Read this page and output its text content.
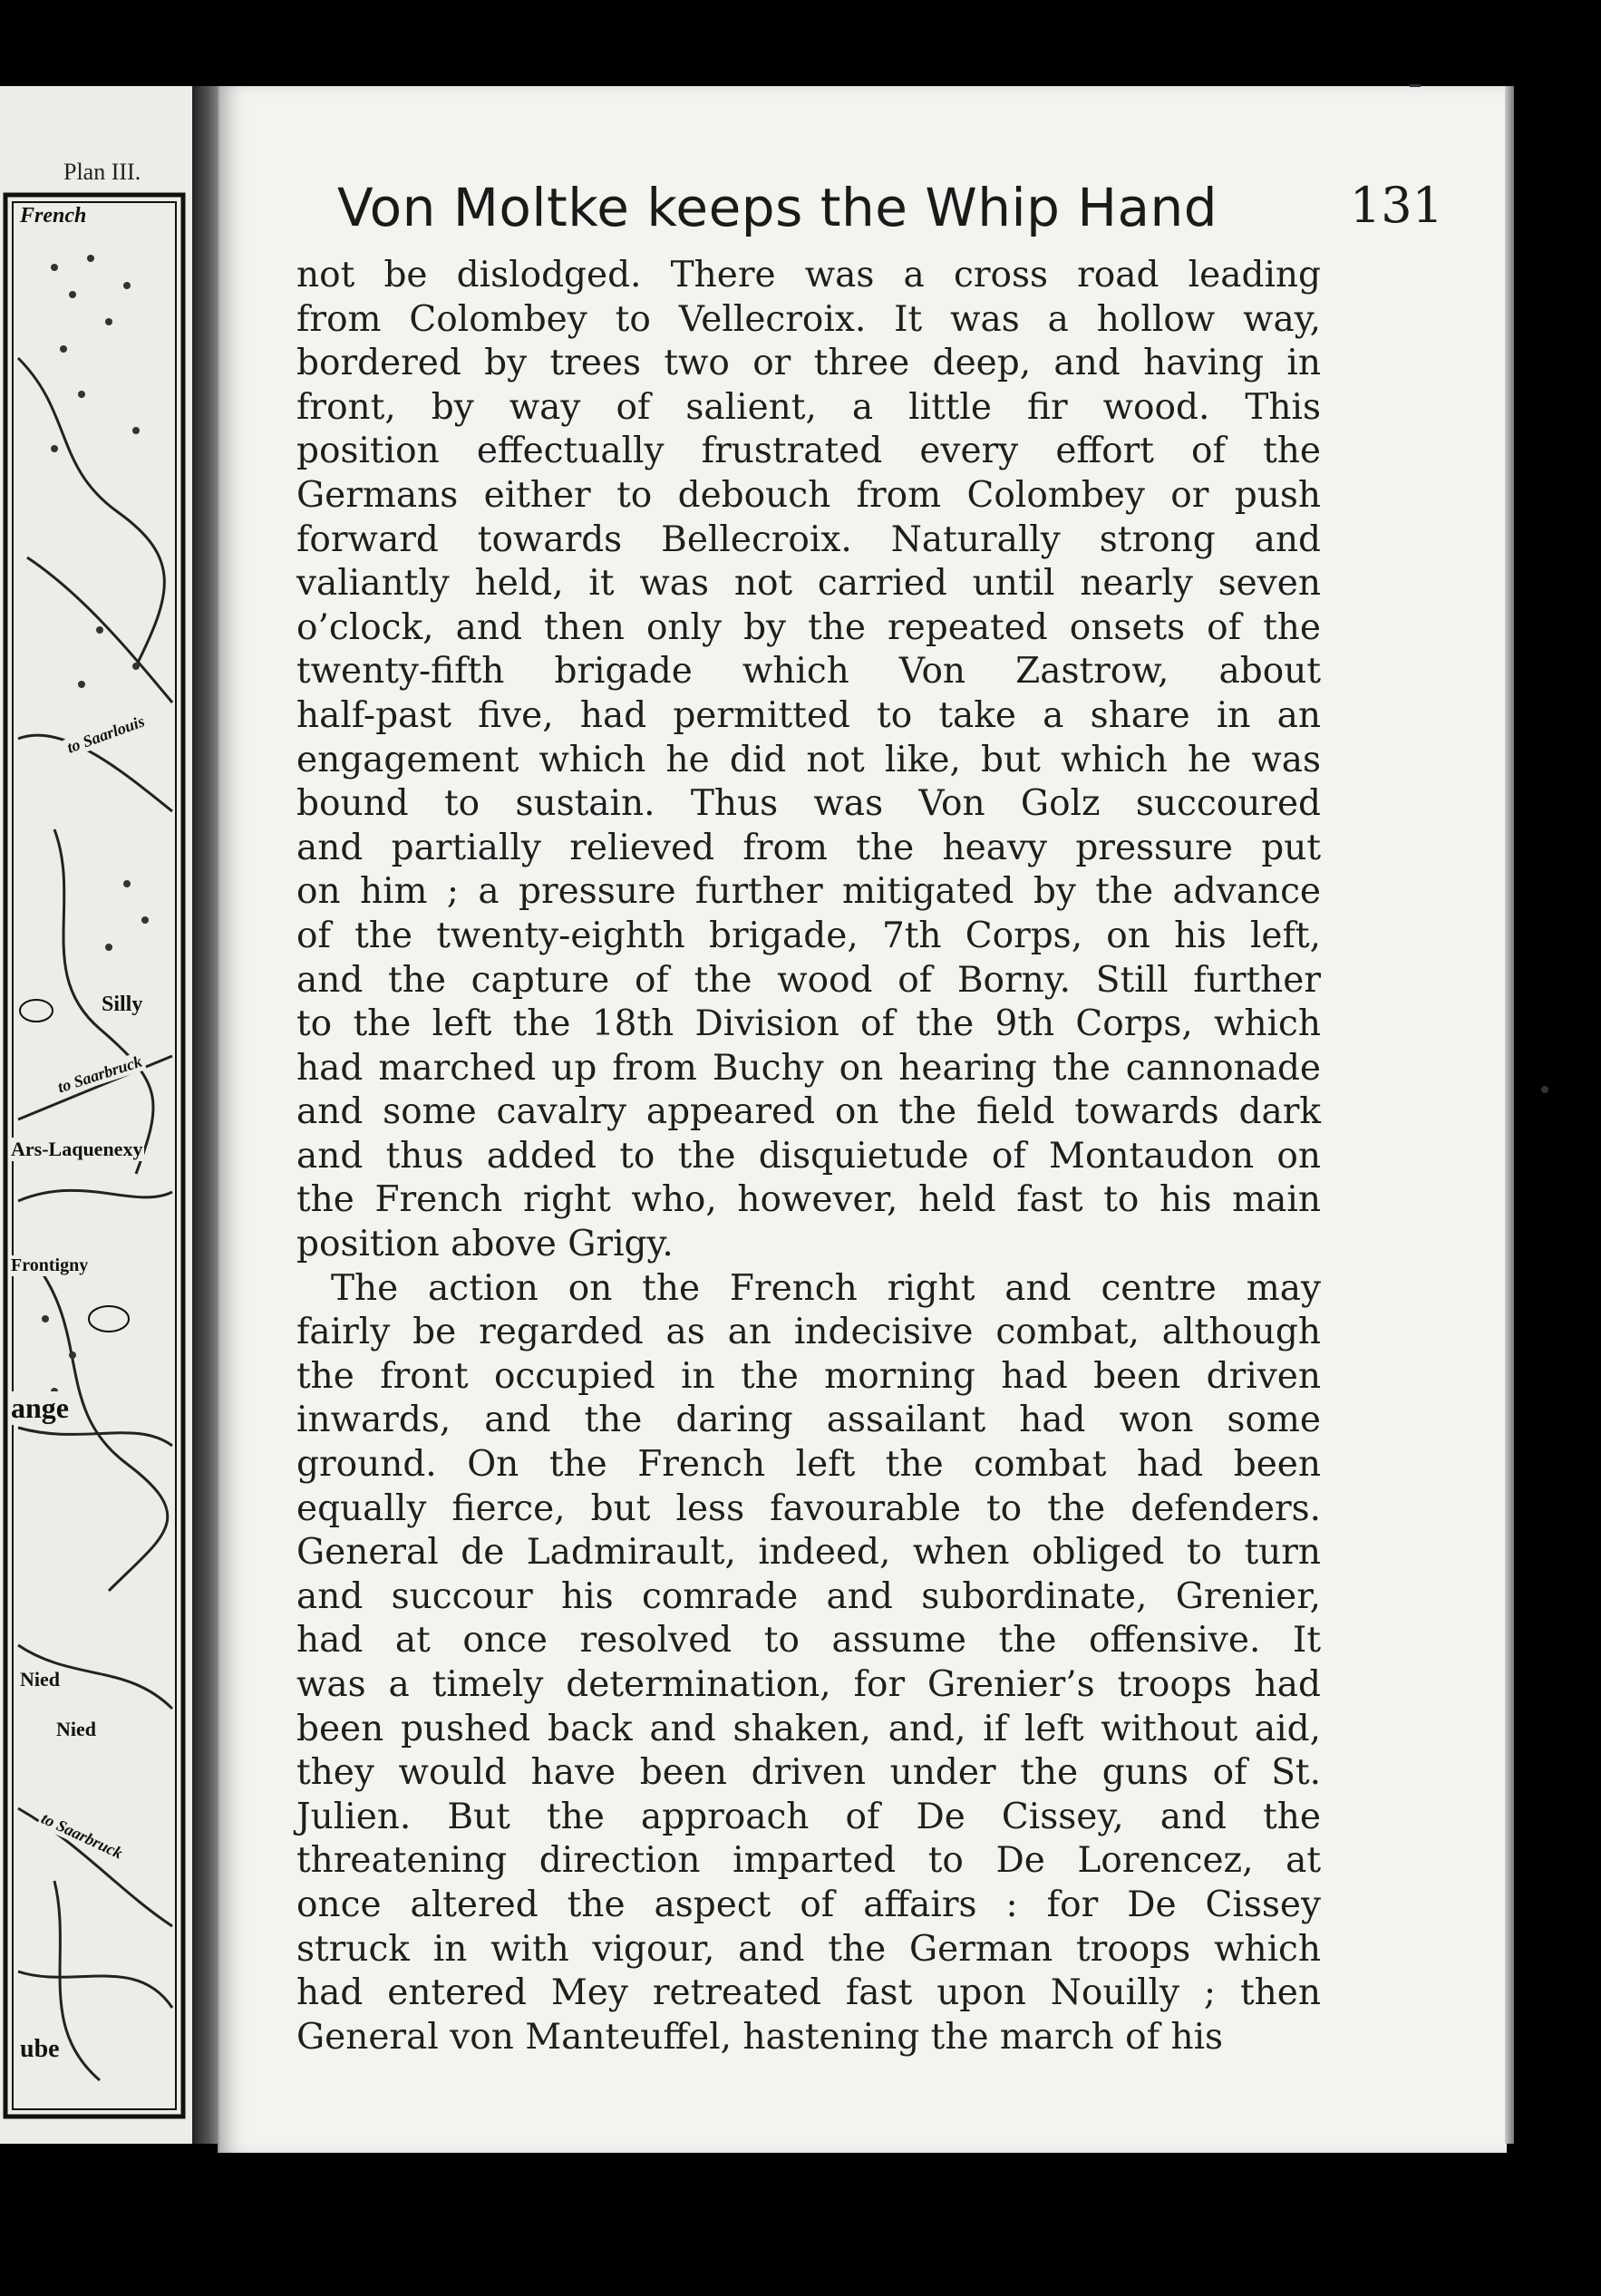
Plan III.
French
to Saarlouis
Silly
to Saarbruck
Ars-Laquenexy
Frontigny
ange
Nied
Nied
to Saarbruck
ube
Von Moltke keeps the Whip Hand	131
not be dislodged. There was a cross road leading
from Colombey to Vellecroix. It was a hollow way,
bordered by trees two or three deep, and having in
front, by way of salient, a little fir wood. This
position effectually frustrated every effort of the
Germans either to debouch from Colombey or push
forward towards Bellecroix. Naturally strong and
valiantly held, it was not carried until nearly seven
o’clock, and then only by the repeated onsets of the
twenty-fifth brigade which Von Zastrow, about
half-past five, had permitted to take a share in an
engagement which he did not like, but which he was
bound to sustain. Thus was Von Golz succoured
and partially relieved from the heavy pressure put
on him ; a pressure further mitigated by the advance
of the twenty-eighth brigade, 7th Corps, on his left,
and the capture of the wood of Borny. Still further
to the left the 18th Division of the 9th Corps, which
had marched up from Buchy on hearing the cannonade
and some cavalry appeared on the field towards dark
and thus added to the disquietude of Montaudon on
the French right who, however, held fast to his main
position above Grigy.
The action on the French right and centre may
fairly be regarded as an indecisive combat, although
the front occupied in the morning had been driven
inwards, and the daring assailant had won some
ground. On the French left the combat had been
equally fierce, but less favourable to the defenders.
General de Ladmirault, indeed, when obliged to turn
and succour his comrade and subordinate, Grenier,
had at once resolved to assume the offensive. It
was a timely determination, for Grenier’s troops had
been pushed back and shaken, and, if left without aid,
they would have been driven under the guns of St.
Julien. But the approach of De Cissey, and the
threatening direction imparted to De Lorencez, at
once altered the aspect of affairs : for De Cissey
struck in with vigour, and the German troops which
had entered Mey retreated fast upon Nouilly ; then
General von Manteuffel, hastening the march of his
